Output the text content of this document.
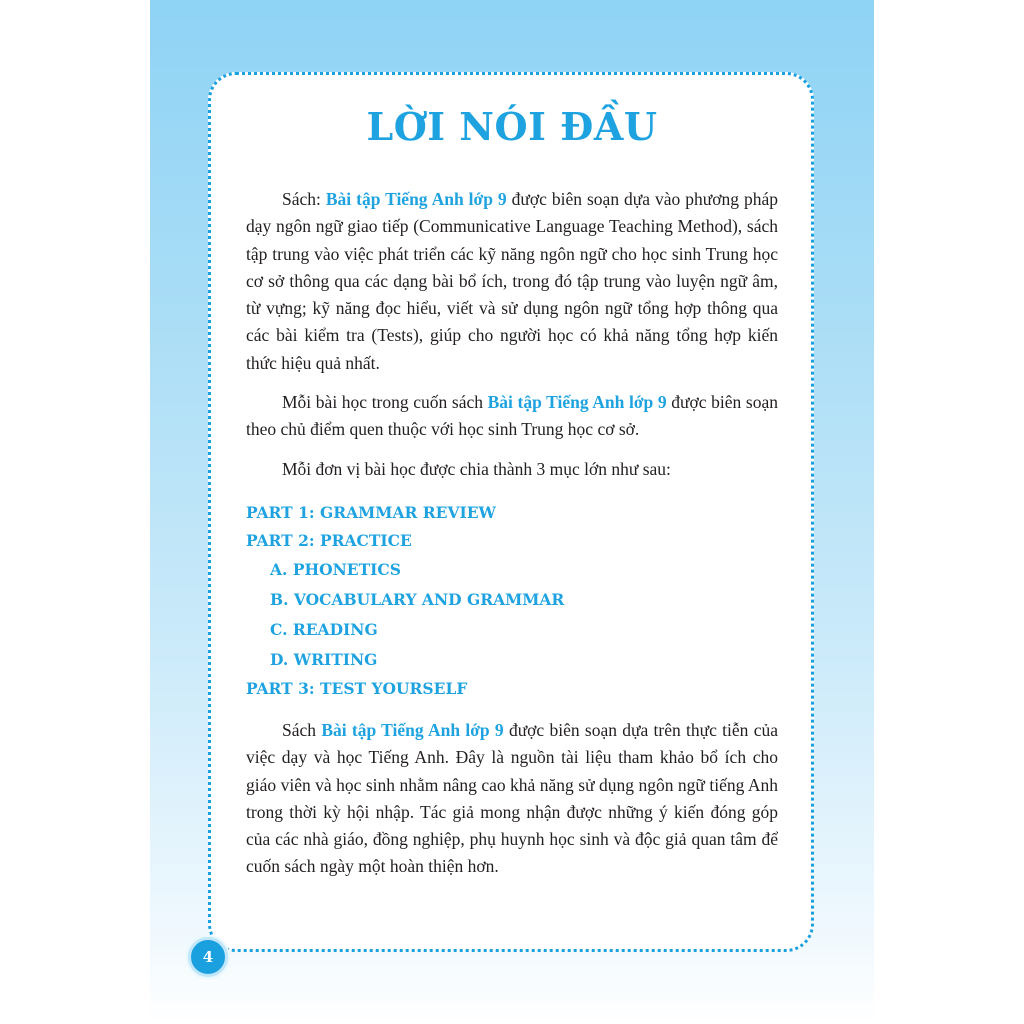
LỜI NÓI ĐẦU

Sách: Bài tập Tiếng Anh lớp 9 được biên soạn dựa vào phương pháp dạy ngôn ngữ giao tiếp (Communicative Language Teaching Method), sách tập trung vào việc phát triển các kỹ năng ngôn ngữ cho học sinh Trung học cơ sở thông qua các dạng bài bổ ích, trong đó tập trung vào luyện ngữ âm, từ vựng; kỹ năng đọc hiểu, viết và sử dụng ngôn ngữ tổng hợp thông qua các bài kiểm tra (Tests), giúp cho người học có khả năng tổng hợp kiến thức hiệu quả nhất.

Mỗi bài học trong cuốn sách Bài tập Tiếng Anh lớp 9 được biên soạn theo chủ điểm quen thuộc với học sinh Trung học cơ sở.

Mỗi đơn vị bài học được chia thành 3 mục lớn như sau:

PART 1: GRAMMAR REVIEW
PART 2: PRACTICE
A. PHONETICS
B. VOCABULARY AND GRAMMAR
C. READING
D. WRITING
PART 3: TEST YOURSELF

Sách Bài tập Tiếng Anh lớp 9 được biên soạn dựa trên thực tiễn của việc dạy và học Tiếng Anh. Đây là nguồn tài liệu tham khảo bổ ích cho giáo viên và học sinh nhằm nâng cao khả năng sử dụng ngôn ngữ tiếng Anh trong thời kỳ hội nhập. Tác giả mong nhận được những ý kiến đóng góp của các nhà giáo, đồng nghiệp, phụ huynh học sinh và độc giả quan tâm để cuốn sách ngày một hoàn thiện hơn.

4
